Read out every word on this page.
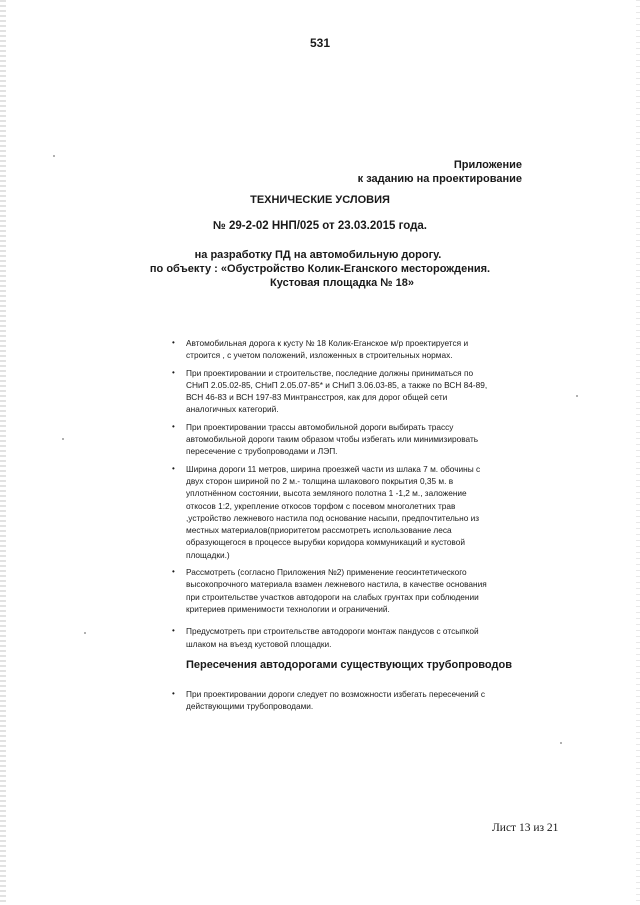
531
Приложение
к заданию на проектирование
ТЕХНИЧЕСКИЕ УСЛОВИЯ
№ 29-2-02 ННП/025 от 23.03.2015 года.
на разработку ПД на автомобильную дорогу.
по объекту : «Обустройство Колик-Еганского месторождения.
Кустовая площадка № 18»
• Автомобильная дорога к кусту № 18 Колик-Еганское м/р проектируется и
строится , с учетом положений, изложенных в строительных нормах.
• При проектировании и строительстве, последние должны приниматься по
СНиП 2.05.02-85, СНиП 2.05.07-85* и СНиП 3.06.03-85, а также по ВСН 84-89,
ВСН 46-83 и ВСН 197-83 Минтрансстроя, как для дорог общей сети
аналогичных категорий.
• При проектировании трассы автомобильной дороги выбирать трассу
автомобильной дороги таким образом чтобы избегать или минимизировать
пересечение с трубопроводами и ЛЭП.
• Ширина дороги 11 метров, ширина проезжей части из шлака 7 м. обочины с
двух сторон шириной по 2 м.- толщина шлакового покрытия 0,35 м. в
уплотнённом состоянии, высота земляного полотна 1 -1,2 м., заложение
откосов 1:2, укрепление откосов торфом с посевом многолетних трав
,устройство лежневого настила под основание насыпи, предпочтительно из
местных материалов(приоритетом рассмотреть использование леса
образующегося в процессе вырубки коридора коммуникаций и кустовой
площадки.)
• Рассмотреть (согласно Приложения №2) применение геосинтетического
высокопрочного материала взамен лежневого настила, в качестве основания
при строительстве участков автодороги на слабых грунтах при соблюдении
критериев применимости технологии и ограничений.
• Предусмотреть при строительстве автодороги монтаж пандусов с отсыпкой
шлаком на въезд кустовой площадки.
Пересечения автодорогами существующих трубопроводов
• При проектировании дороги следует по возможности избегать пересечений с
действующими трубопроводами.
Лист 13 из 21
